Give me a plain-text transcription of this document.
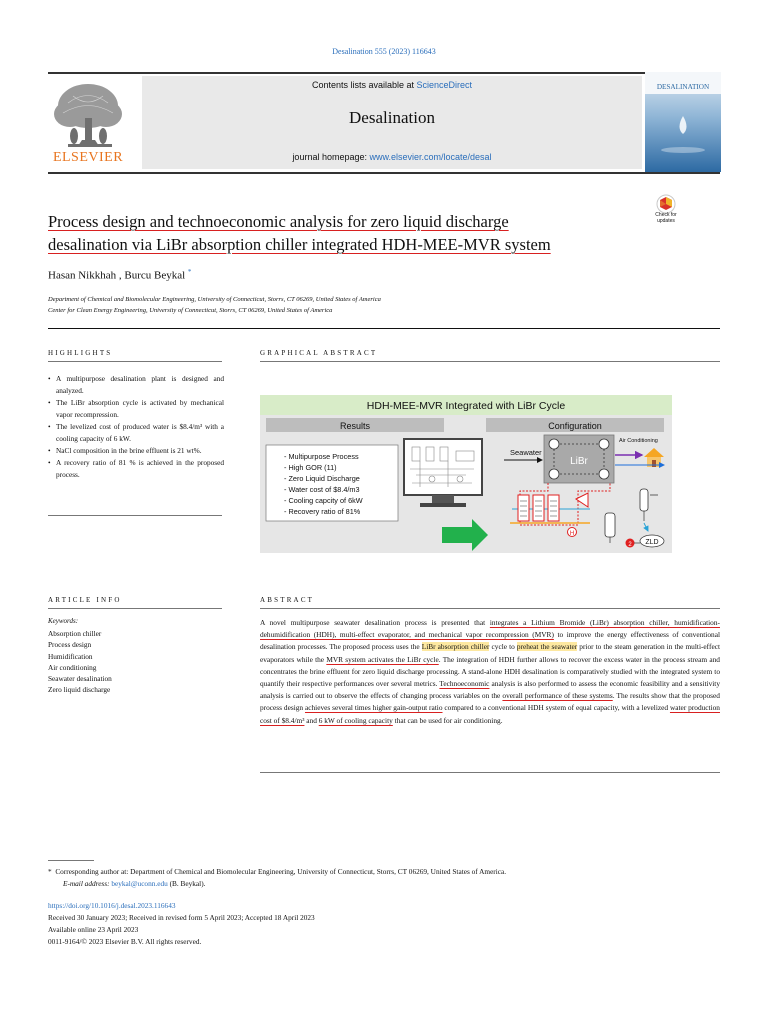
Desalination 555 (2023) 116643
ELSEVIER
Contents lists available at ScienceDirect
Desalination
journal homepage: www.elsevier.com/locate/desal
DESALINATION
Process design and technoeconomic analysis for zero liquid discharge
desalination via LiBr absorption chiller integrated HDH-MEE-MVR system
Check for
updates
Hasan Nikkhah , Burcu Beykal *
Department of Chemical and Biomolecular Engineering, University of Connecticut, Storrs, CT 06269, United States of America
Center for Clean Energy Engineering, University of Connecticut, Storrs, CT 06269, United States of America
HIGHLIGHTS
• A multipurpose desalination plant is designed and analyzed.
• The LiBr absorption cycle is activated by mechanical vapor recompression.
• The levelized cost of produced water is $8.4/m³ with a cooling capacity of 6 kW.
• NaCl composition in the brine effluent is 21 wt%.
• A recovery ratio of 81 % is achieved in the proposed process.
GRAPHICAL ABSTRACT
HDH-MEE-MVR Integrated with LiBr Cycle
Results	Configuration
- Multipurpose Process
- High GOR (11)
- Zero Liquid Discharge
- Water cost of $8.4/m3
- Cooling capcity of 6kW
- Recovery ratio of 81%
Seawater
LiBr
Air Conditioning
H
2 ZLD
ARTICLE INFO
Keywords:
Absorption chiller
Process design
Humidification
Air conditioning
Seawater desalination
Zero liquid discharge
ABSTRACT
A novel multipurpose seawater desalination process is presented that integrates a Lithium Bromide (LiBr) absorption chiller, humidification-dehumidification (HDH), multi-effect evaporator, and mechanical vapor recompression (MVR) to improve the energy effectiveness of conventional desalination processes. The proposed process uses the LiBr absorption chiller cycle to preheat the seawater prior to the steam generation in the multi-effect evaporators while the MVR system activates the LiBr cycle. The integration of HDH further allows to recover the excess water in the process stream and concentrates the brine effluent for zero liquid discharge processing. A stand-alone HDH desalination is comparatively studied with the integrated system to quantify their respective performances over several metrics. Technoeconomic analysis is also performed to assess the economic feasibility and a sensitivity analysis is carried out to observe the effects of changing process variables on the overall performance of these systems. The results show that the proposed process design achieves several times higher gain-output ratio compared to a conventional HDH system of equal capacity, with a levelized water production cost of $8.4/m³ and 6 kW of cooling capacity that can be used for air conditioning.
* Corresponding author at: Department of Chemical and Biomolecular Engineering, University of Connecticut, Storrs, CT 06269, United States of America.
E-mail address: beykal@uconn.edu (B. Beykal).
https://doi.org/10.1016/j.desal.2023.116643
Received 30 January 2023; Received in revised form 5 April 2023; Accepted 18 April 2023
Available online 23 April 2023
0011-9164/© 2023 Elsevier B.V. All rights reserved.
